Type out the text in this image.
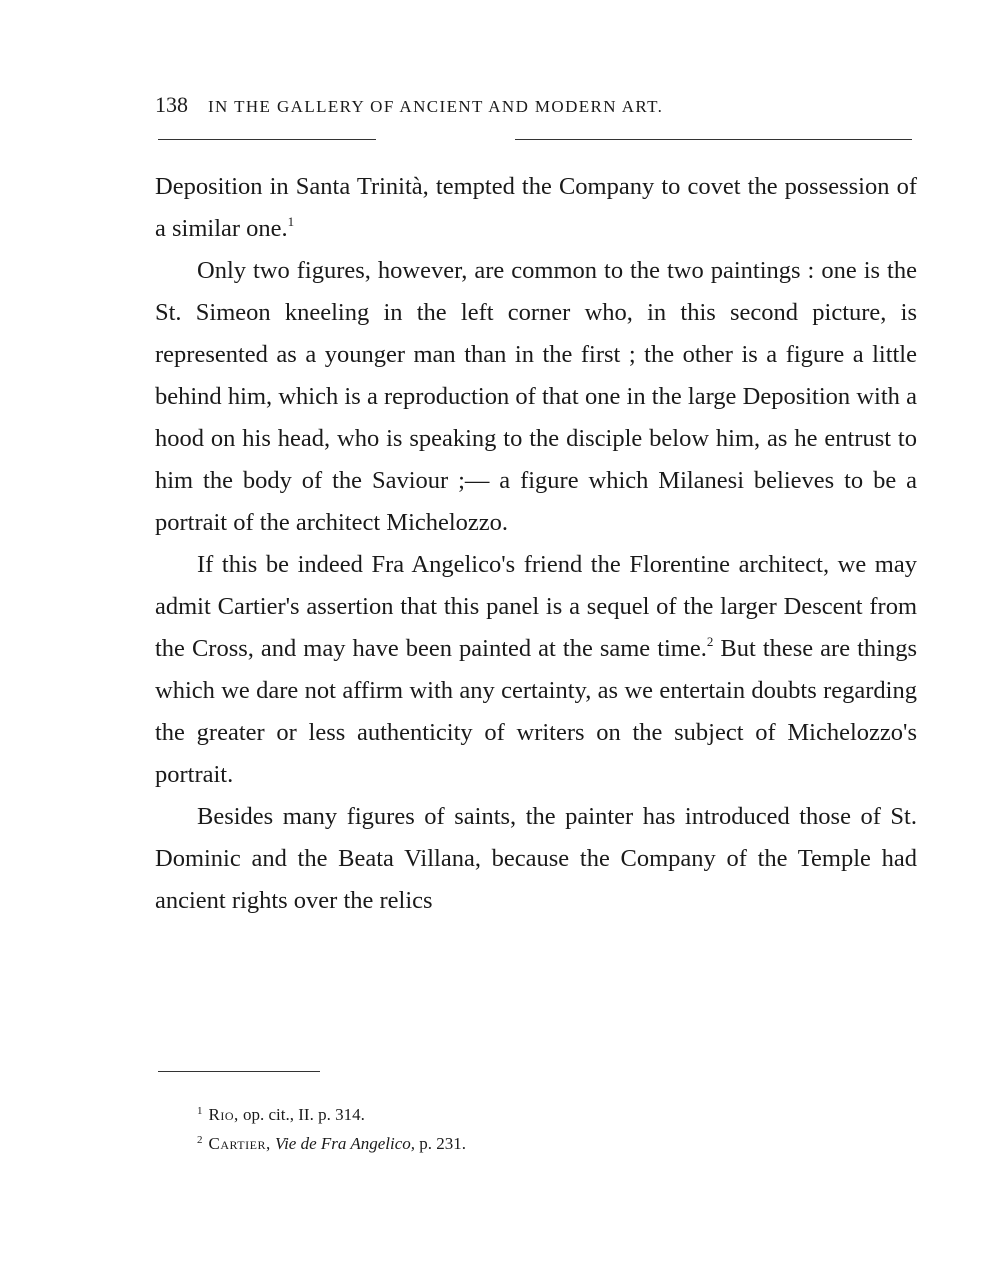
138 IN THE GALLERY OF ANCIENT AND MODERN ART.

Deposition in Santa Trinità, tempted the Company to covet the possession of a similar one.$^1$

Only two figures, however, are common to the two paintings : one is the St. Simeon kneeling in the left corner who, in this second picture, is represented as a younger man than in the first ; the other is a figure a little behind him, which is a reproduction of that one in the large Deposition with a hood on his head, who is speaking to the disciple below him, as he entrust to him the body of the Saviour ;— a figure which Milanesi believes to be a portrait of the architect Michelozzo.

If this be indeed Fra Angelico's friend the Florentine architect, we may admit Cartier's assertion that this panel is a sequel of the larger Descent from the Cross, and may have been painted at the same time.$^2$ But these are things which we dare not affirm with any certainty, as we entertain doubts regarding the greater or less authenticity of writers on the subject of Michelozzo's portrait.

Besides many figures of saints, the painter has introduced those of St. Dominic and the Beata Villana, because the Company of the Temple had ancient rights over the relics

$^1$ Rio, op. cit., II. p. 314.

$^2$ Cartier, Vie de Fra Angelico, p. 231.
